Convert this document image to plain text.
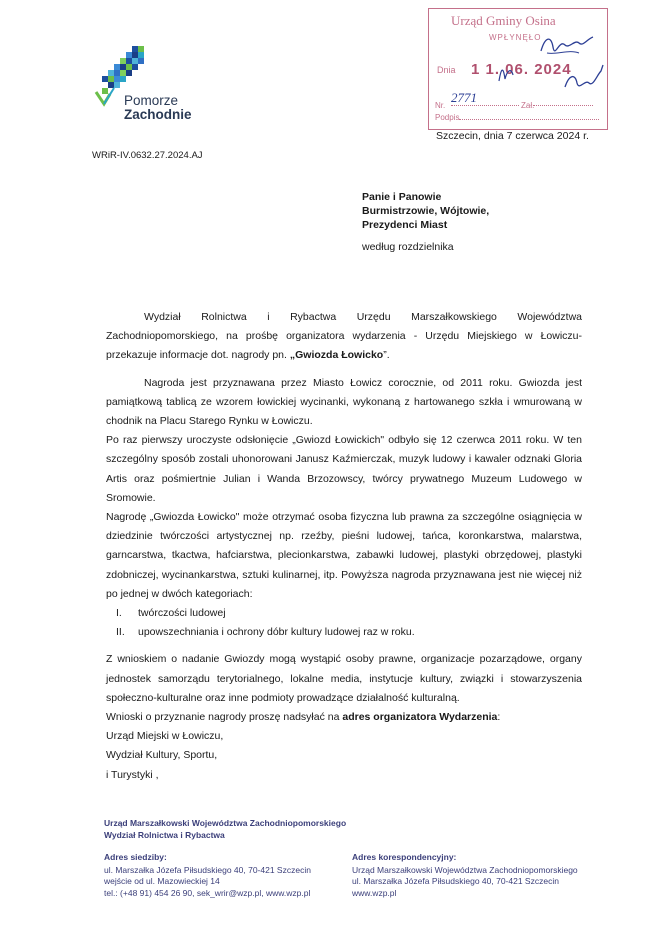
Pomorze
Zachodnie
Urząd Gminy Osina
WPŁYNĘŁO
Dnia 1 1. 06. 2024
2771
Nr.	Zał.
Podpis
Szczecin, dnia 7 czerwca 2024 r.
WRiR-IV.0632.27.2024.AJ
Panie i Panowie
Burmistrzowie, Wójtowie,
Prezydenci Miast
według rozdzielnika

Wydział Rolnictwa i Rybactwa Urzędu Marszałkowskiego Województwa Zachodniopomorskiego, na prośbę organizatora wydarzenia - Urzędu Miejskiego w Łowiczu- przekazuje informacje dot. nagrody pn. „Gwiozda Łowicko”.

Nagroda jest przyznawana przez Miasto Łowicz corocznie, od 2011 roku. Gwiozda jest pamiątkową tablicą ze wzorem łowickiej wycinanki, wykonaną z hartowanego szkła i wmurowaną w chodnik na Placu Starego Rynku w Łowiczu.

Po raz pierwszy uroczyste odsłonięcie „Gwiozd Łowickich" odbyło się 12 czerwca 2011 roku. W ten szczególny sposób zostali uhonorowani Janusz Kaźmierczak, muzyk ludowy i kawaler odznaki Gloria Artis oraz pośmiertnie Julian i Wanda Brzozowscy, twórcy prywatnego Muzeum Ludowego w Sromowie.

Nagrodę „Gwiozda Łowicko" może otrzymać osoba fizyczna lub prawna za szczególne osiągnięcia w dziedzinie twórczości artystycznej np. rzeźby, pieśni ludowej, tańca, koronkarstwa, malarstwa, garncarstwa, tkactwa, hafciarstwa, plecionkarstwa, zabawki ludowej, plastyki obrzędowej, plastyki zdobniczej, wycinankarstwa, sztuki kulinarnej, itp. Powyższa nagroda przyznawana jest nie więcej niż po jednej w dwóch kategoriach:

I.	twórczości ludowej
II.	upowszechniania i ochrony dóbr kultury ludowej raz w roku.

Z wnioskiem o nadanie Gwiozdy mogą wystąpić osoby prawne, organizacje pozarządowe, organy jednostek samorządu terytorialnego, lokalne media, instytucje kultury, związki i stowarzyszenia społeczno-kulturalne oraz inne podmioty prowadzące działalność kulturalną.

Wnioski o przyznanie nagrody proszę nadsyłać na adres organizatora Wydarzenia:

Urząd Miejski w Łowiczu,

Wydział Kultury, Sportu,

i Turystyki ,

Urząd Marszałkowski Województwa Zachodniopomorskiego
Wydział Rolnictwa i Rybactwa
Adres siedziby:
ul. Marszałka Józefa Piłsudskiego 40, 70-421 Szczecin
wejście od ul. Mazowieckiej 14
tel.: (+48 91) 454 26 90, sek_wrir@wzp.pl, www.wzp.pl
Adres korespondencyjny:
Urząd Marszałkowski Województwa Zachodniopomorskiego
ul. Marszałka Józefa Piłsudskiego 40, 70-421 Szczecin
www.wzp.pl
